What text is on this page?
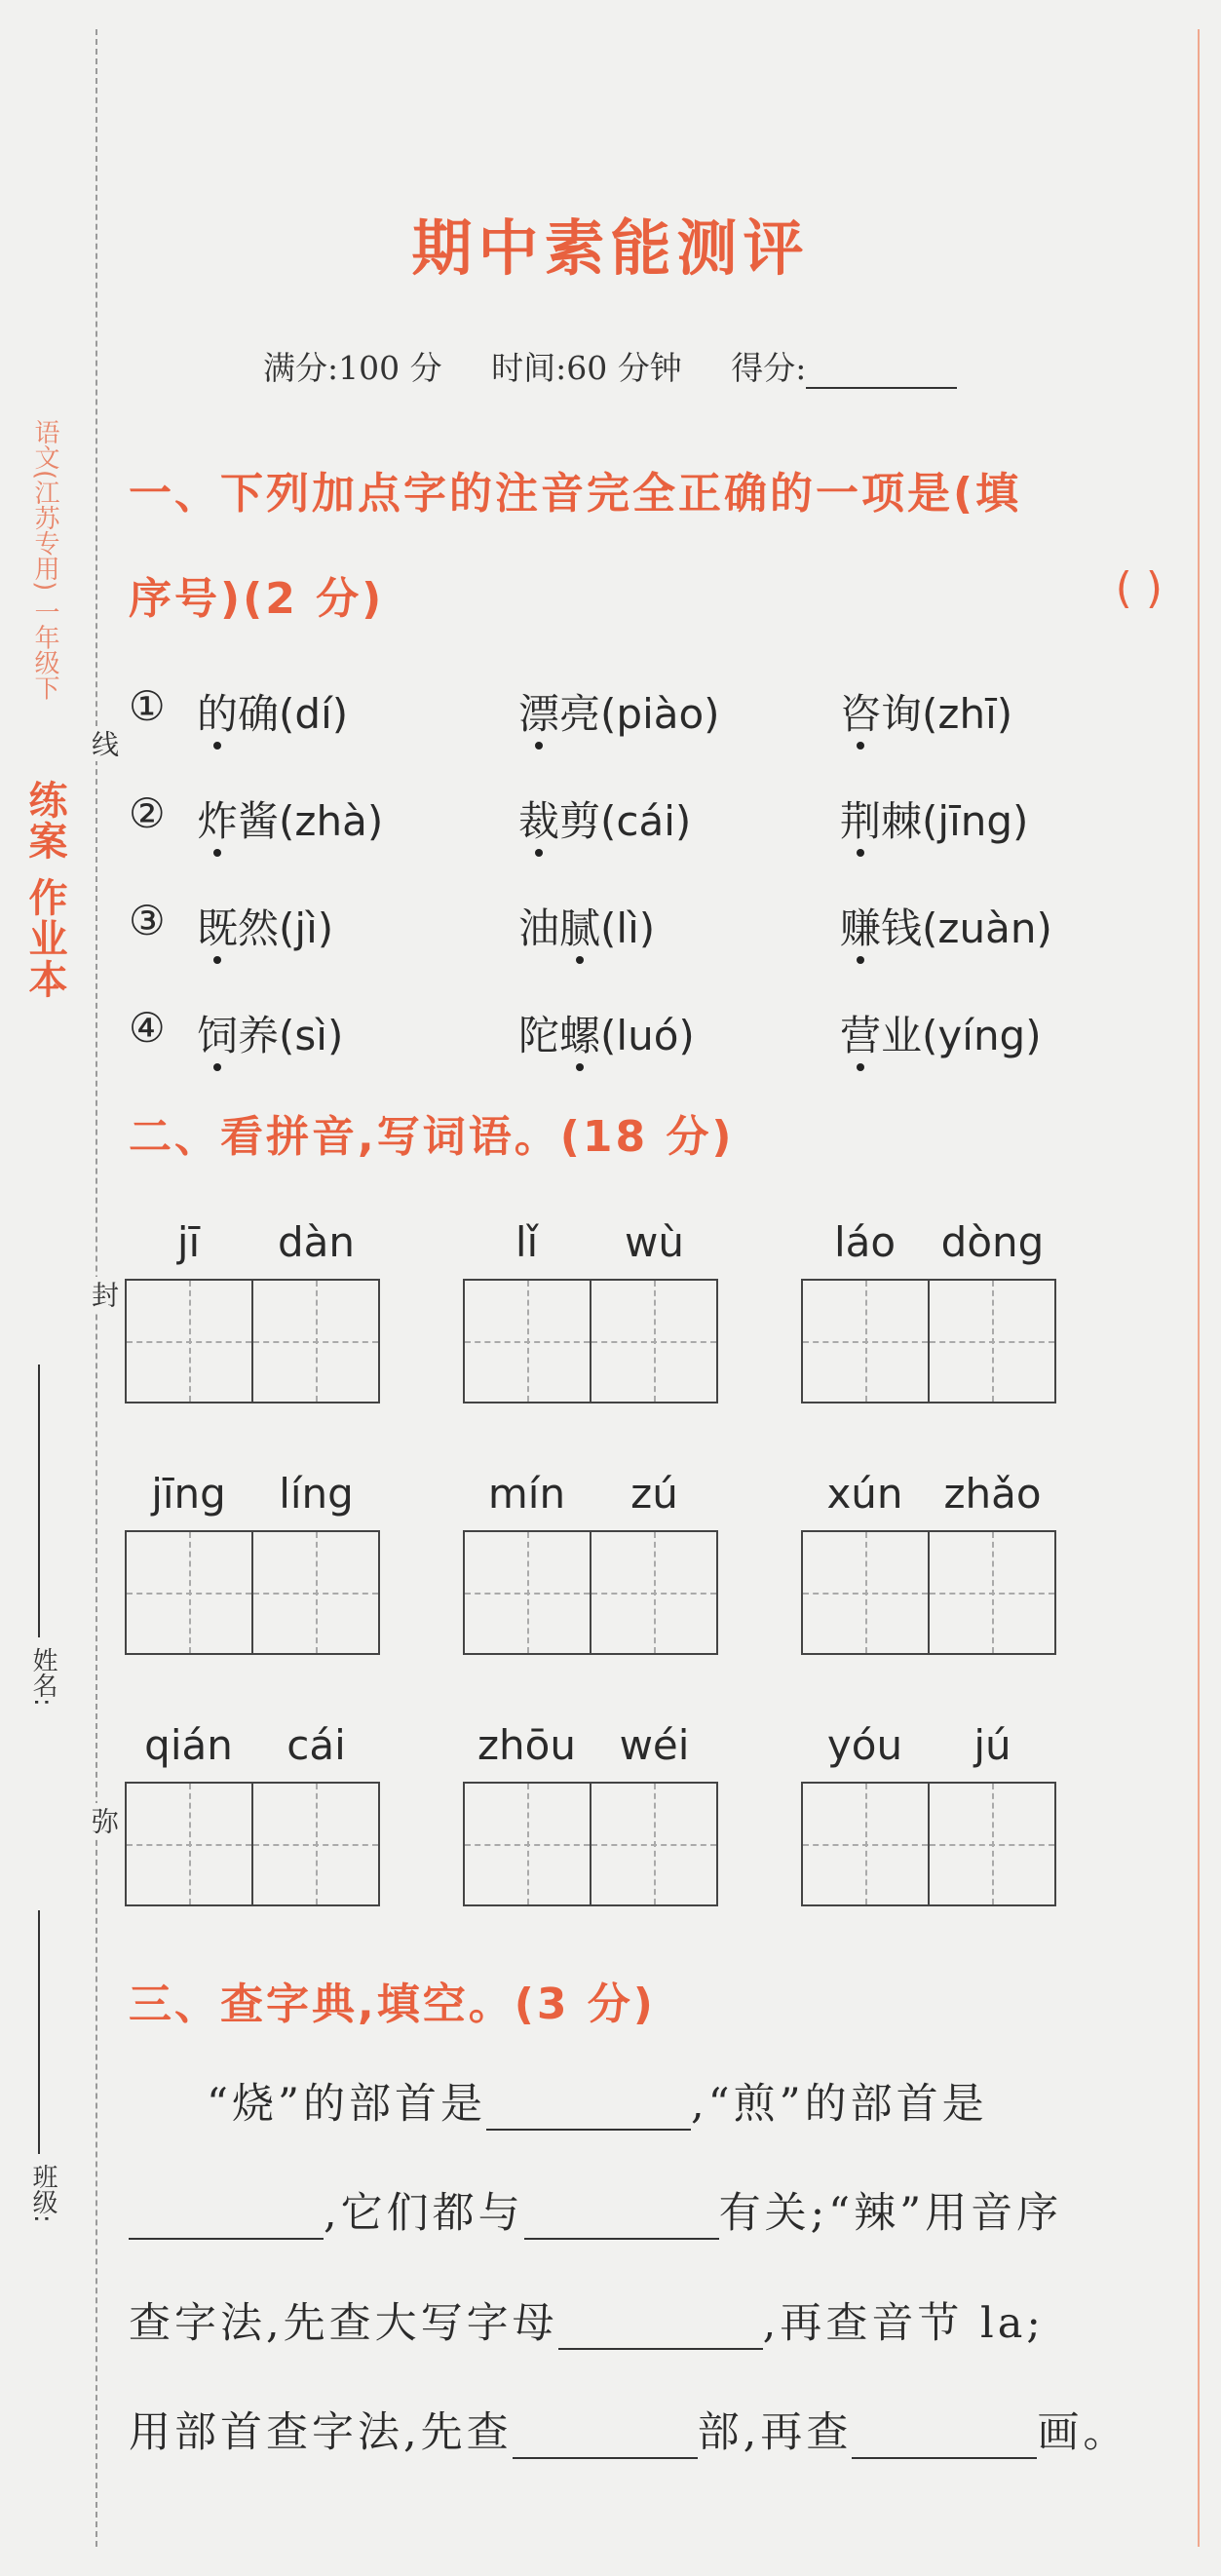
语文(江苏专用) 一年级下
练案 作业本
线
封
弥
姓名:
班级:
期中素能测评
满分:100 分 时间:60 分钟 得分:
一、下列加点字的注音完全正确的一项是(填
序号)(2 分)	( )
① 的确(dí)	漂亮(piào)	咨询(zhī)
② 炸酱(zhà)	裁剪(cái)	荆棘(jīng)
③ 既然(jì)	油腻(lì)	赚钱(zuàn)
④ 饲养(sì)	陀螺(luó)	营业(yíng)
二、看拼音,写词语。(18 分)
jī	dàn	lǐ	wù	láo	dòng
jīng	líng	mín	zú	xún zhǎo
qián	cái	zhōu	wéi	yóu	jú
三、查字典,填空。(3 分)
“烧”的部首是	,“煎”的部首是
,它们都与	有关;“辣”用音序
查字法,先查大写字母	,再查音节 la;
用部首查字法,先查	部,再查	画。
